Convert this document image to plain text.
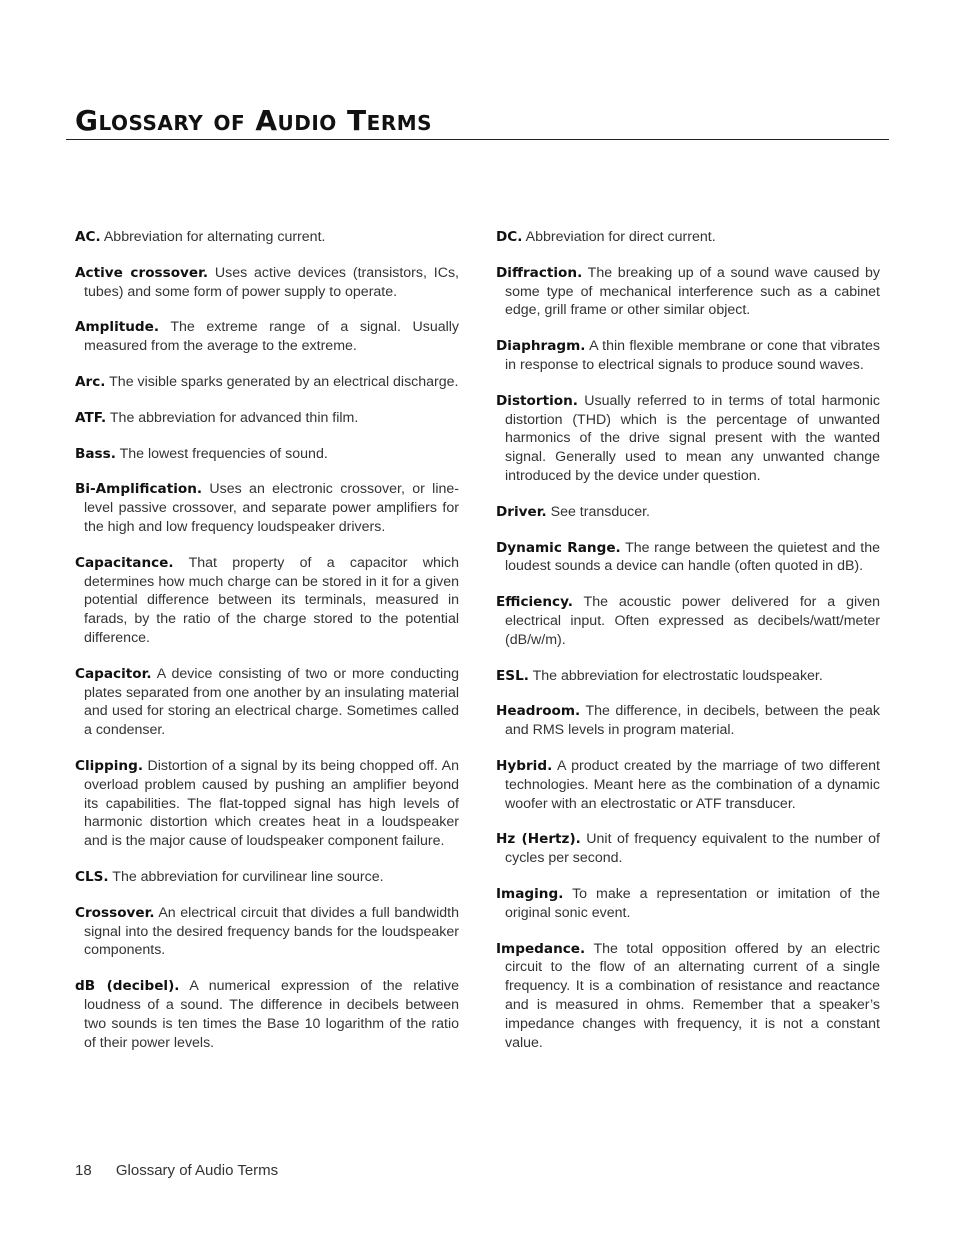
Glossary of Audio Terms

AC. Abbreviation for alternating current.

Active crossover. Uses active devices (transistors, ICs, tubes) and some form of power supply to operate.

Amplitude. The extreme range of a signal. Usually measured from the average to the extreme.

Arc. The visible sparks generated by an electrical discharge.

ATF. The abbreviation for advanced thin film.

Bass. The lowest frequencies of sound.

Bi-Amplification. Uses an electronic crossover, or line-level passive crossover, and separate power amplifiers for the high and low frequency loudspeaker drivers.

Capacitance. That property of a capacitor which determines how much charge can be stored in it for a given potential difference between its terminals, measured in farads, by the ratio of the charge stored to the potential difference.

Capacitor. A device consisting of two or more conducting plates separated from one another by an insulating material and used for storing an electrical charge. Sometimes called a condenser.

Clipping. Distortion of a signal by its being chopped off. An overload problem caused by pushing an amplifier beyond its capabilities. The flat-topped signal has high levels of harmonic distortion which creates heat in a loudspeaker and is the major cause of loudspeaker component failure.

CLS. The abbreviation for curvilinear line source.

Crossover. An electrical circuit that divides a full bandwidth signal into the desired frequency bands for the loudspeaker components.

dB (decibel). A numerical expression of the relative loudness of a sound. The difference in decibels between two sounds is ten times the Base 10 logarithm of the ratio of their power levels.

DC. Abbreviation for direct current.

Diffraction. The breaking up of a sound wave caused by some type of mechanical interference such as a cabinet edge, grill frame or other similar object.

Diaphragm. A thin flexible membrane or cone that vibrates in response to electrical signals to produce sound waves.

Distortion. Usually referred to in terms of total harmonic distortion (THD) which is the percentage of unwanted harmonics of the drive signal present with the wanted signal. Generally used to mean any unwanted change introduced by the device under question.

Driver. See transducer.

Dynamic Range. The range between the quietest and the loudest sounds a device can handle (often quoted in dB).

Efficiency. The acoustic power delivered for a given electrical input. Often expressed as decibels/watt/meter (dB/w/m).

ESL. The abbreviation for electrostatic loudspeaker.

Headroom. The difference, in decibels, between the peak and RMS levels in program material.

Hybrid. A product created by the marriage of two different technologies. Meant here as the combination of a dynamic woofer with an electrostatic or ATF transducer.

Hz (Hertz). Unit of frequency equivalent to the number of cycles per second.

Imaging. To make a representation or imitation of the original sonic event.

Impedance. The total opposition offered by an electric circuit to the flow of an alternating current of a single frequency. It is a combination of resistance and reactance and is measured in ohms. Remember that a speaker’s impedance changes with frequency, it is not a constant value.

18 Glossary of Audio Terms
